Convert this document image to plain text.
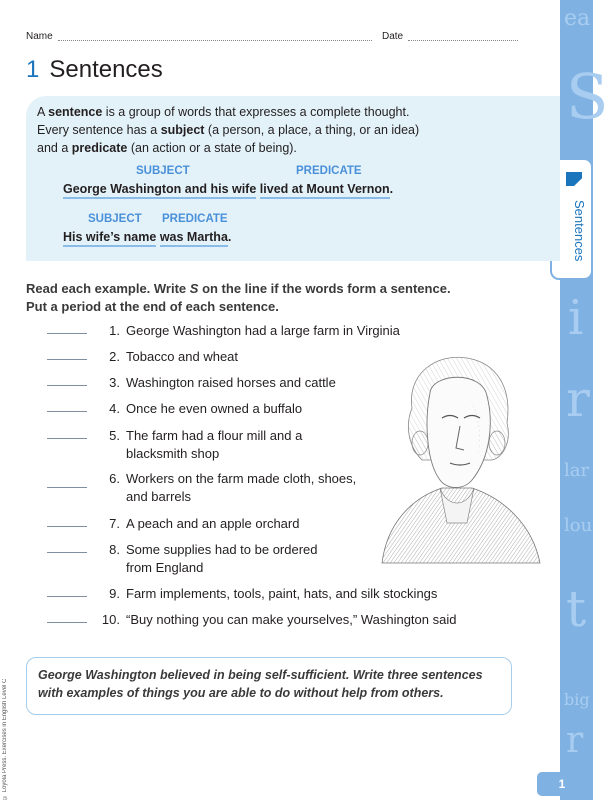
ea
S
i
r
lar
lou
t
big
r
Sentences
Name	Date
1 Sentences
A sentence is a group of words that expresses a complete thought.
Every sentence has a subject (a person, a place, a thing, or an idea)
and a predicate (an action or a state of being).
SUBJECT	PREDICATE
George Washington and his wife lived at Mount Vernon.
SUBJECT PREDICATE
His wife’s name was Martha.
Read each example. Write S on the line if the words form a sentence.
Put a period at the end of each sentence.
1. George Washington had a large farm in Virginia
2. Tobacco and wheat
3. Washington raised horses and cattle
4. Once he even owned a buffalo
5. The farm had a flour mill and a blacksmith shop
6. Workers on the farm made cloth, shoes, and barrels
7. A peach and an apple orchard
8. Some supplies had to be ordered from England
9. Farm implements, tools, paint, hats, and silk stockings
10. “Buy nothing you can make yourselves,” Washington said
George Washington believed in being self-sufficient. Write three sentences with examples of things you are able to do without help from others.
© Loyola Press. Exercises in English Level C	1
